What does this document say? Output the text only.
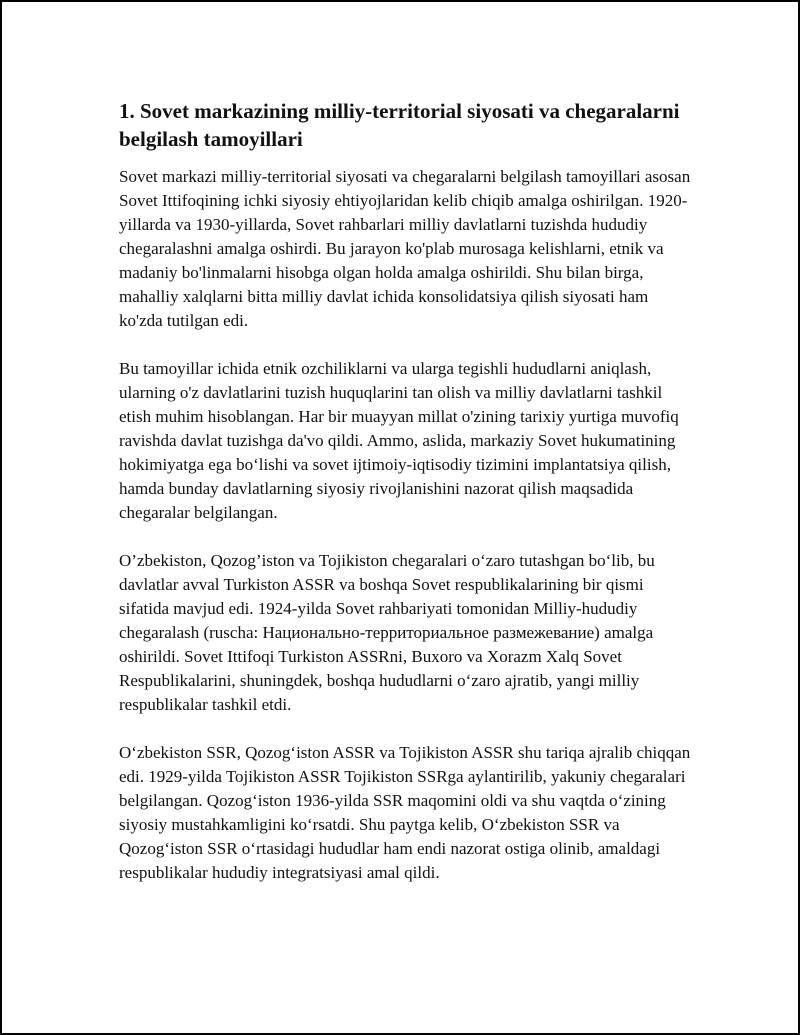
1. Sovet markazining milliy-territorial siyosati va chegaralarni belgilash tamoyillari

Sovet markazi milliy-territorial siyosati va chegaralarni belgilash tamoyillari asosan Sovet Ittifoqining ichki siyosiy ehtiyojlaridan kelib chiqib amalga oshirilgan. 1920-yillarda va 1930-yillarda, Sovet rahbarlari milliy davlatlarni tuzishda hududiy chegaralashni amalga oshirdi. Bu jarayon ko'plab murosaga kelishlarni, etnik va madaniy bo'linmalarni hisobga olgan holda amalga oshirildi. Shu bilan birga, mahalliy xalqlarni bitta milliy davlat ichida konsolidatsiya qilish siyosati ham ko'zda tutilgan edi.

Bu tamoyillar ichida etnik ozchiliklarni va ularga tegishli hududlarni aniqlash, ularning o'z davlatlarini tuzish huquqlarini tan olish va milliy davlatlarni tashkil etish muhim hisoblangan. Har bir muayyan millat o'zining tarixiy yurtiga muvofiq ravishda davlat tuzishga da'vo qildi. Ammo, aslida, markaziy Sovet hukumatining hokimiyatga ega bo‘lishi va sovet ijtimoiy-iqtisodiy tizimini implantatsiya qilish, hamda bunday davlatlarning siyosiy rivojlanishini nazorat qilish maqsadida chegaralar belgilangan.

O’zbekiston, Qozog’iston va Tojikiston chegaralari o‘zaro tutashgan bo‘lib, bu davlatlar avval Turkiston ASSR va boshqa Sovet respublikalarining bir qismi sifatida mavjud edi. 1924-yilda Sovet rahbariyati tomonidan Milliy-hududiy chegaralash (ruscha: Национально-территориальное размежевание) amalga oshirildi. Sovet Ittifoqi Turkiston ASSRni, Buxoro va Xorazm Xalq Sovet Respublikalarini, shuningdek, boshqa hududlarni o‘zaro ajratib, yangi milliy respublikalar tashkil etdi.

O‘zbekiston SSR, Qozog‘iston ASSR va Tojikiston ASSR shu tariqa ajralib chiqqan edi. 1929-yilda Tojikiston ASSR Tojikiston SSRga aylantirilib, yakuniy chegaralari belgilangan. Qozog‘iston 1936-yilda SSR maqomini oldi va shu vaqtda o‘zining siyosiy mustahkamligini ko‘rsatdi. Shu paytga kelib, O‘zbekiston SSR va Qozog‘iston SSR o‘rtasidagi hududlar ham endi nazorat ostiga olinib, amaldagi respublikalar hududiy integratsiyasi amal qildi.
